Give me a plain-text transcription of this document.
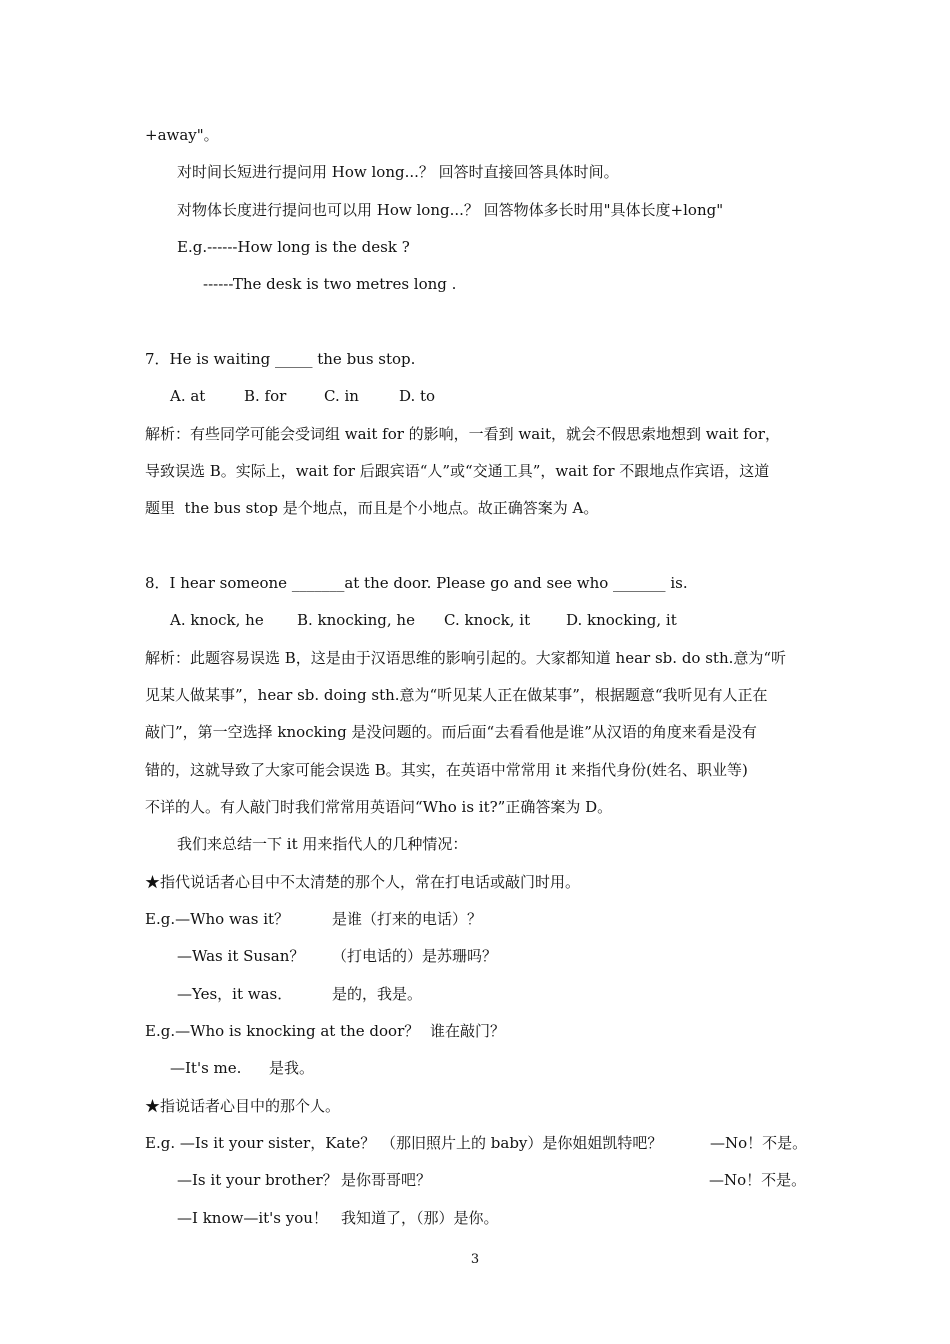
+away"。
对时间长短进行提问用 How long...？ 回答时直接回答具体时间。
对物体长度进行提问也可以用 How long...？ 回答物体多长时用"具体长度+long"
E.g.------How long is the desk ?
------The desk is two metres long .
7．He is waiting _____ the bus stop.
A. at	B. for	C. in	D. to
解析：有些同学可能会受词组 wait for 的影响，一看到 wait，就会不假思索地想到 wait for，
导致误选 B。实际上，wait for 后跟宾语“人”或“交通工具”，wait for 不跟地点作宾语，这道
题里  the bus stop 是个地点，而且是个小地点。故正确答案为 A。
8．I hear someone _______at the door. Please go and see who _______ is.
A. knock, he B. knocking, he C. knock, it D. knocking, it
解析：此题容易误选 B，这是由于汉语思维的影响引起的。大家都知道 hear sb. do sth.意为“听
见某人做某事”，hear sb. doing sth.意为“听见某人正在做某事”，根据题意“我听见有人正在
敲门”，第一空选择 knocking 是没问题的。而后面“去看看他是谁”从汉语的角度来看是没有
错的，这就导致了大家可能会误选 B。其实，在英语中常常用 it 来指代身份(姓名、职业等)
不详的人。有人敲门时我们常常用英语问“Who is it?”正确答案为 D。
我们来总结一下 it 用来指代人的几种情况：
★指代说话者心目中不太清楚的那个人，常在打电话或敲门时用。
E.g.—Who was it？	是谁（打来的电话）？
—Was it Susan？ （打电话的）是苏珊吗？
—Yes，it was．	是的，我是。
E.g.—Who is knocking at the door？ 谁在敲门？
—It's me. 是我。
★指说话者心目中的那个人。
E.g. —Is it your sister，Kate？ （那旧照片上的 baby）是你姐姐凯特吧？	—No！不是。
—Is it your brother？ 是你哥哥吧？	—No！不是。
—I know—it's you！ 我知道了，（那）是你。
3
